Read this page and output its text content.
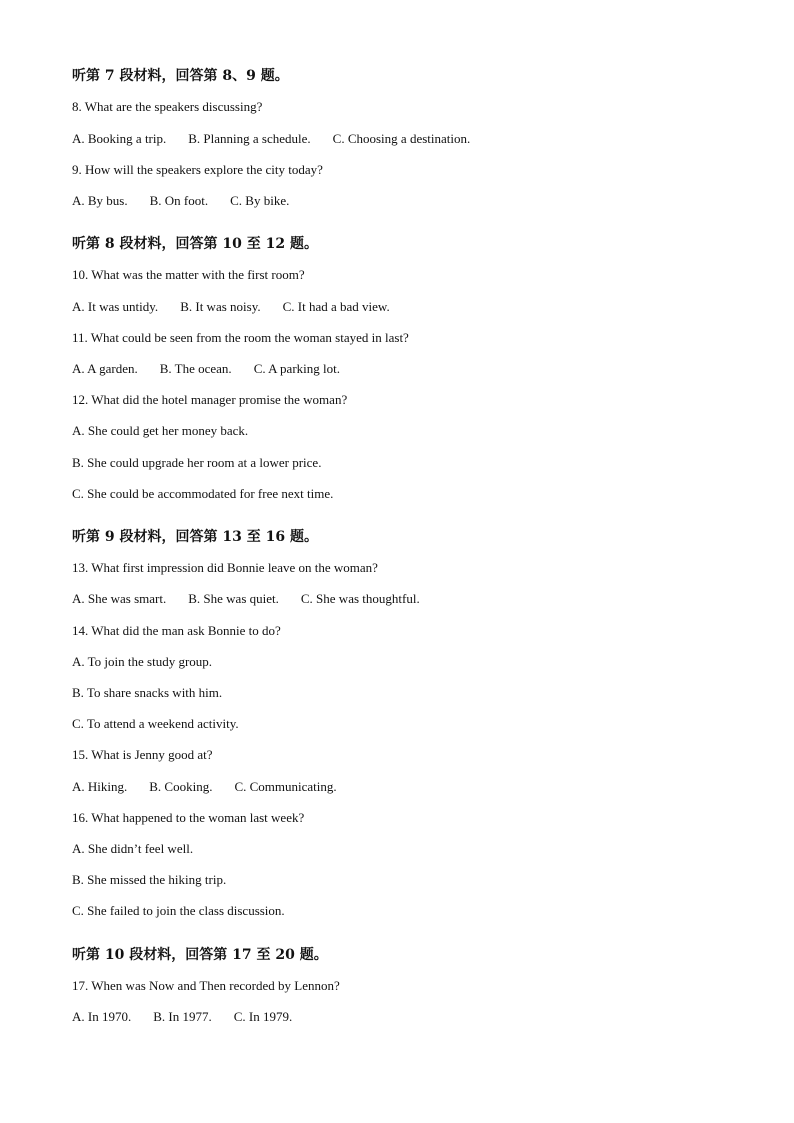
听第 7 段材料，回答第 8、9 题。
8. What are the speakers discussing?
A. Booking a trip. B. Planning a schedule. C. Choosing a destination.
9. How will the speakers explore the city today?
A. By bus. B. On foot. C. By bike.
听第 8 段材料，回答第 10 至 12 题。
10. What was the matter with the first room?
A. It was untidy. B. It was noisy. C. It had a bad view.
11. What could be seen from the room the woman stayed in last?
A. A garden. B. The ocean. C. A parking lot.
12. What did the hotel manager promise the woman?
A. She could get her money back.
B. She could upgrade her room at a lower price.
C. She could be accommodated for free next time.
听第 9 段材料，回答第 13 至 16 题。
13. What first impression did Bonnie leave on the woman?
A. She was smart. B. She was quiet. C. She was thoughtful.
14. What did the man ask Bonnie to do?
A. To join the study group.
B. To share snacks with him.
C. To attend a weekend activity.
15. What is Jenny good at?
A. Hiking. B. Cooking. C. Communicating.
16. What happened to the woman last week?
A. She didn’t feel well.
B. She missed the hiking trip.
C. She failed to join the class discussion.
听第 10 段材料，回答第 17 至 20 题。
17. When was Now and Then recorded by Lennon?
A. In 1970. B. In 1977. C. In 1979.
